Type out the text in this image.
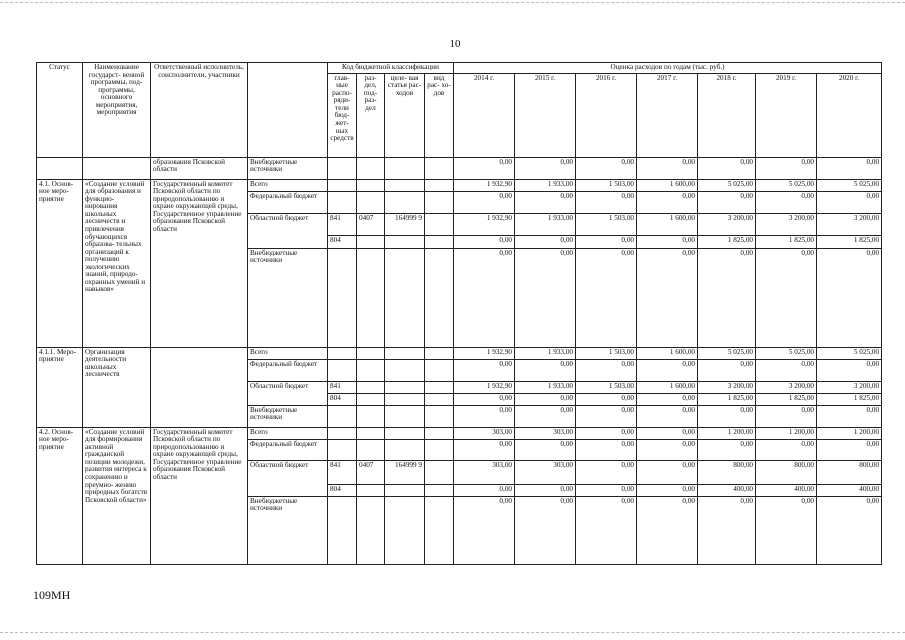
10
Статус	Наименование государст- венной программы, под- программы, основного мероприятия, мероприятия	Ответственный исполнитель, соисполнители, участники		Код бюджетной классификации				Оценка расходов по годам (тыс. руб.)						
				глав- ные распо- ряди- тели бюд- жет- ных средств	раз- дел, под- раз- дел	целе- вая статья рас- ходов	вид рас- хо- дов	2014 г.	2015 г.	2016 г.	2017 г.	2018 г.	2019 г.	2020 г.
		образования Псковской области	Внебюджетные источники					0,00	0,00	0,00	0,00	0,00	0,00	0,00
4.1. Основ- ное меро- приятие	«Создание условий для образования и функцио- нирования школьных лесничеств и привлечения обучающихся образова- тельных организаций к получению экологических знаний, природо- охранных умений и навыков»	Государственный комитет Псковской области по природопользованию и охране окружающей среды, Государственное управление образования Псковской области	Всего					1 932,90	1 933,00	1 503,00	1 600,00	5 025,00	5 025,00	5 025,00
			Федеральный бюджет					0,00	0,00	0,00	0,00	0,00	0,00	0,00
			Областной бюджет	841	0407	164999 9		1 932,90	1 933,00	1 503,00	1 600,00	3 200,00	3 200,00	3 200,00
				804				0,00	0,00	0,00	0,00	1 825,00	1 825,00	1 825,00
			Внебюджетные источники					0,00	0,00	0,00	0,00	0,00	0,00	0,00
4.1.1. Меро- приятие	Организация деятельности школьных лесничеств		Всего					1 932,90	1 933,00	1 503,00	1 600,00	5 025,00	5 025,00	5 025,00
			Федеральный бюджет					0,00	0,00	0,00	0,00	0,00	0,00	0,00
			Областной бюджет	841				1 932,90	1 933,00	1 503,00	1 600,00	3 200,00	3 200,00	3 200,00
				804				0,00	0,00	0,00	0,00	1 825,00	1 825,00	1 825,00
			Внебюджетные источники					0,00	0,00	0,00	0,00	0,00	0,00	0,00
4.2. Основ- ное меро- приятие	«Создание условий для формирования активной гражданской позиции молодежи, развития интереса к сохранению и преумно- жению природных богатств Псковской области»	Государственный комитет Псковской области по природопользованию и охране окружающей среды, Государственное управление образования Псковской области	Всего					303,00	303,00	0,00	0,00	1 200,00	1 200,00	1 200,00
			Федеральный бюджет					0,00	0,00	0,00	0,00	0,00	0,00	0,00
			Областной бюджет	841	0407	164999 9		303,00	303,00	0,00	0,00	800,00	800,00	800,00
				804				0,00	0,00	0,00	0,00	400,00	400,00	400,00
			Внебюджетные источники					0,00	0,00	0,00	0,00	0,00	0,00	0,00
109МН
